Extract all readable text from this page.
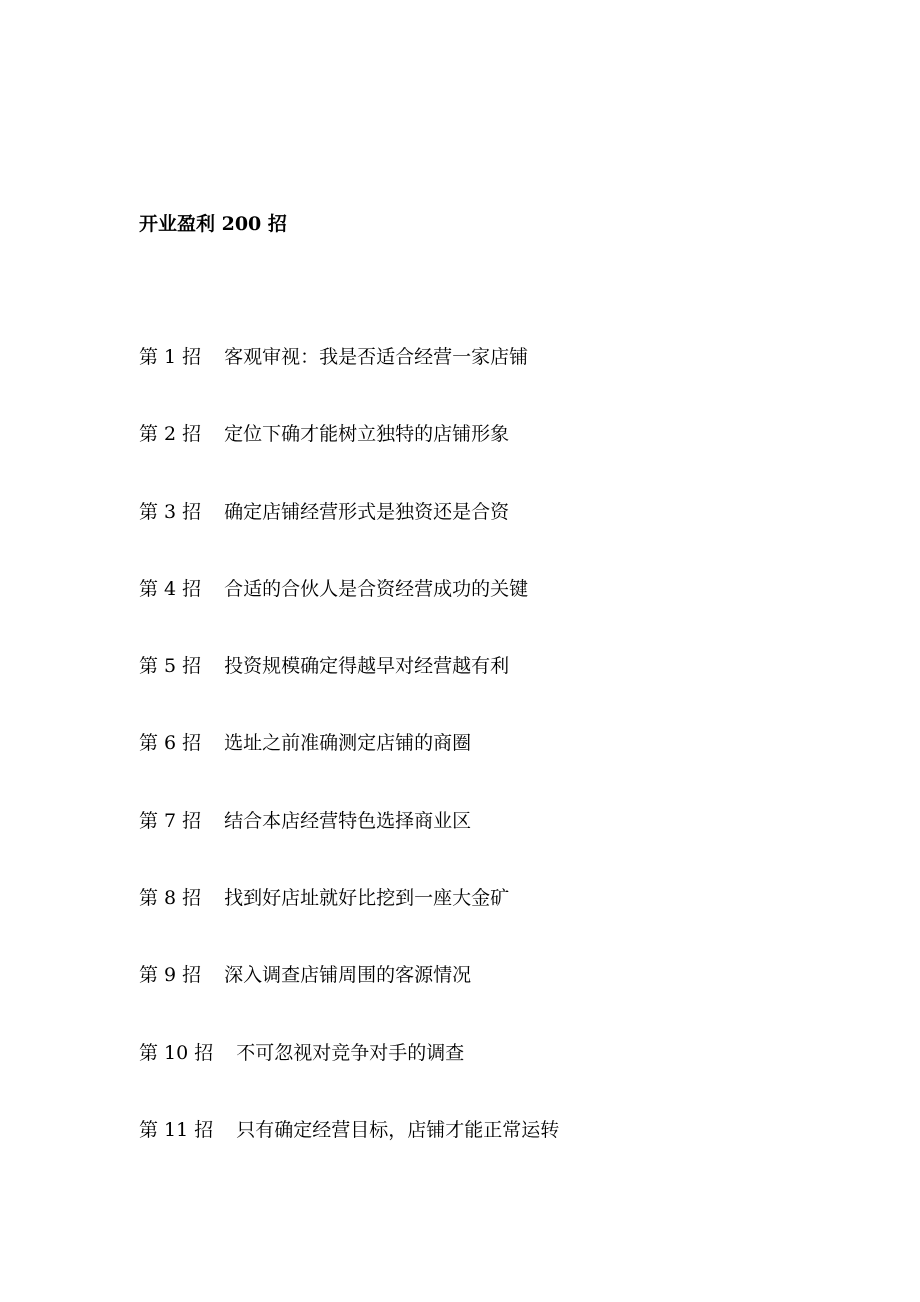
开业盈利 200 招
第 1 招 客观审视：我是否适合经营一家店铺
第 2 招 定位下确才能树立独特的店铺形象
第 3 招 确定店铺经营形式是独资还是合资
第 4 招 合适的合伙人是合资经营成功的关键
第 5 招 投资规模确定得越早对经营越有利
第 6 招 选址之前准确测定店铺的商圈
第 7 招 结合本店经营特色选择商业区
第 8 招 找到好店址就好比挖到一座大金矿
第 9 招 深入调查店铺周围的客源情况
第 10 招 不可忽视对竞争对手的调查
第 11 招 只有确定经营目标，店铺才能正常运转
